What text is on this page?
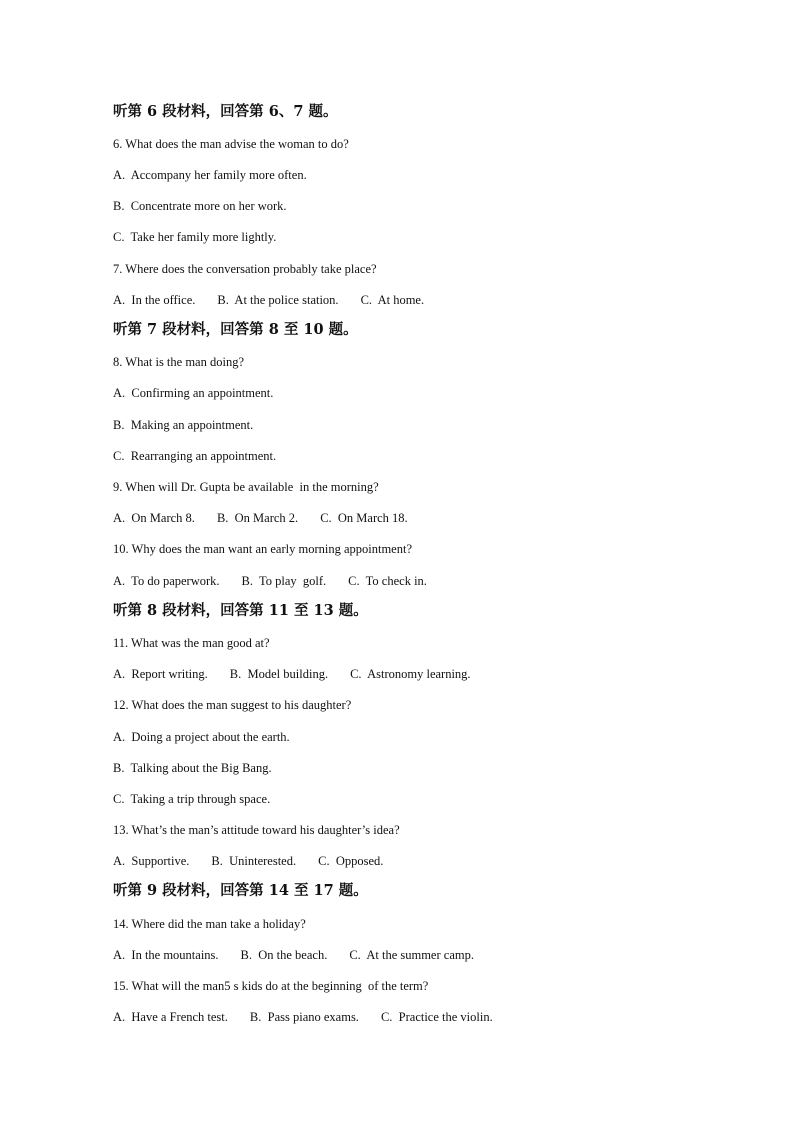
听第 6 段材料，回答第 6、7 题。
6. What does the man advise the woman to do?
A.  Accompany her family more often.
B.  Concentrate more on her work.
C.  Take her family more lightly.
7. Where does the conversation probably take place?
A.  In the office. B.  At the police station. C.  At home.
听第 7 段材料，回答第 8 至 10 题。
8. What is the man doing?
A.  Confirming an appointment.
B.  Making an appointment.
C.  Rearranging an appointment.
9. When will Dr. Gupta be available  in the morning?
A.  On March 8. B.  On March 2. C.  On March 18.
10. Why does the man want an early morning appointment?
A.  To do paperwork. B.  To play  golf. C.  To check in.
听第 8 段材料，回答第 11 至 13 题。
11. What was the man good at?
A.  Report writing. B.  Model building. C.  Astronomy learning.
12. What does the man suggest to his daughter?
A.  Doing a project about the earth.
B.  Talking about the Big Bang.
C.  Taking a trip through space.
13. What’s the man’s attitude toward his daughter’s idea?
A.  Supportive. B.  Uninterested. C.  Opposed.
听第 9 段材料，回答第 14 至 17 题。
14. Where did the man take a holiday?
A.  In the mountains. B.  On the beach. C.  At the summer camp.
15. What will the man5 s kids do at the beginning  of the term?
A.  Have a French test. B.  Pass piano exams. C.  Practice the violin.
